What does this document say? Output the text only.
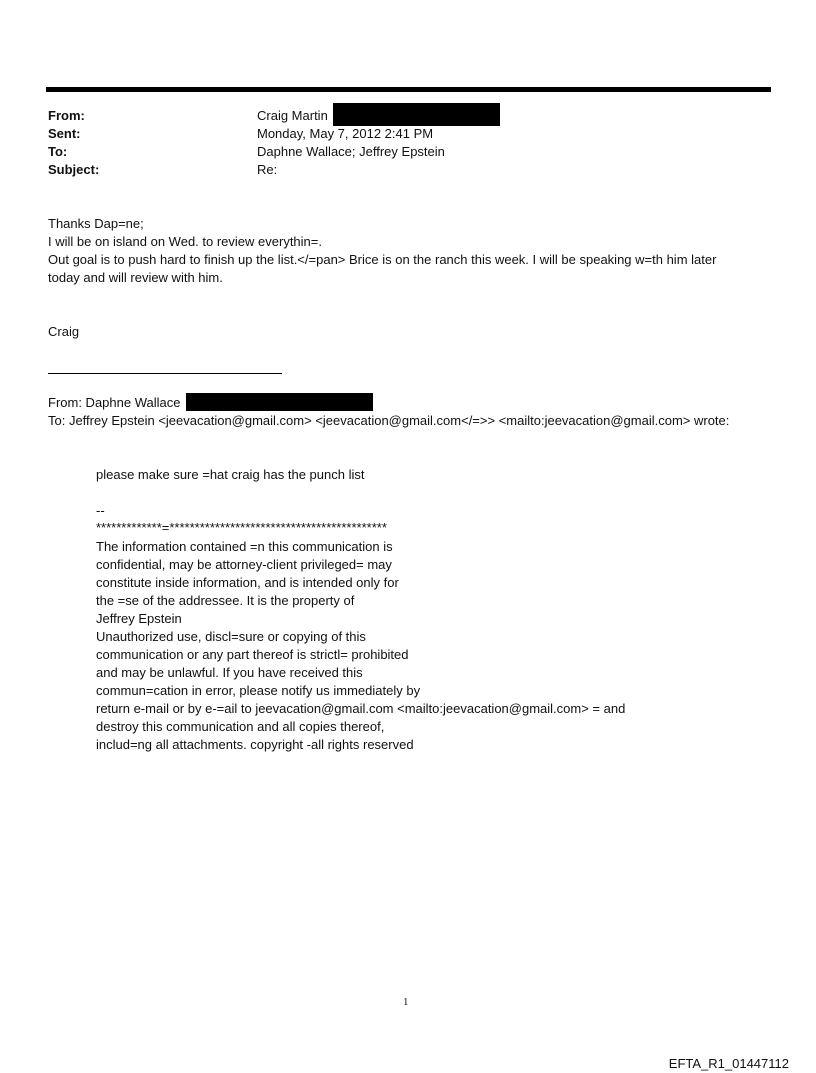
From:	Craig Martin
Sent:	Monday, May 7, 2012 2:41 PM
To:	Daphne Wallace; Jeffrey Epstein
Subject:	Re:
Thanks Dap=ne;
I will be on island on Wed. to review everythin=.
Out goal is to push hard to finish up the list.</=pan> Brice is on the ranch this week. I will be speaking w=th him later
today and will review with him.
Craig
From: Daphne Wallace
To: Jeffrey Epstein <jeevacation@gmail.com> <jeevacation@gmail.com</=>> <mailto:jeevacation@gmail.com> wrote:
please make sure =hat craig has the punch list
--
*************=*******************************************
The information contained =n this communication is
confidential, may be attorney-client privileged= may
constitute inside information, and is intended only for
the =se of the addressee. It is the property of
Jeffrey Epstein
Unauthorized use, discl=sure or copying of this
communication or any part thereof is strictl= prohibited
and may be unlawful. If you have received this
commun=cation in error, please notify us immediately by
return e-mail or by e-=ail to jeevacation@gmail.com <mailto:jeevacation@gmail.com> = and
destroy this communication and all copies thereof,
includ=ng all attachments. copyright -all rights reserved
1
EFTA_R1_01447112
